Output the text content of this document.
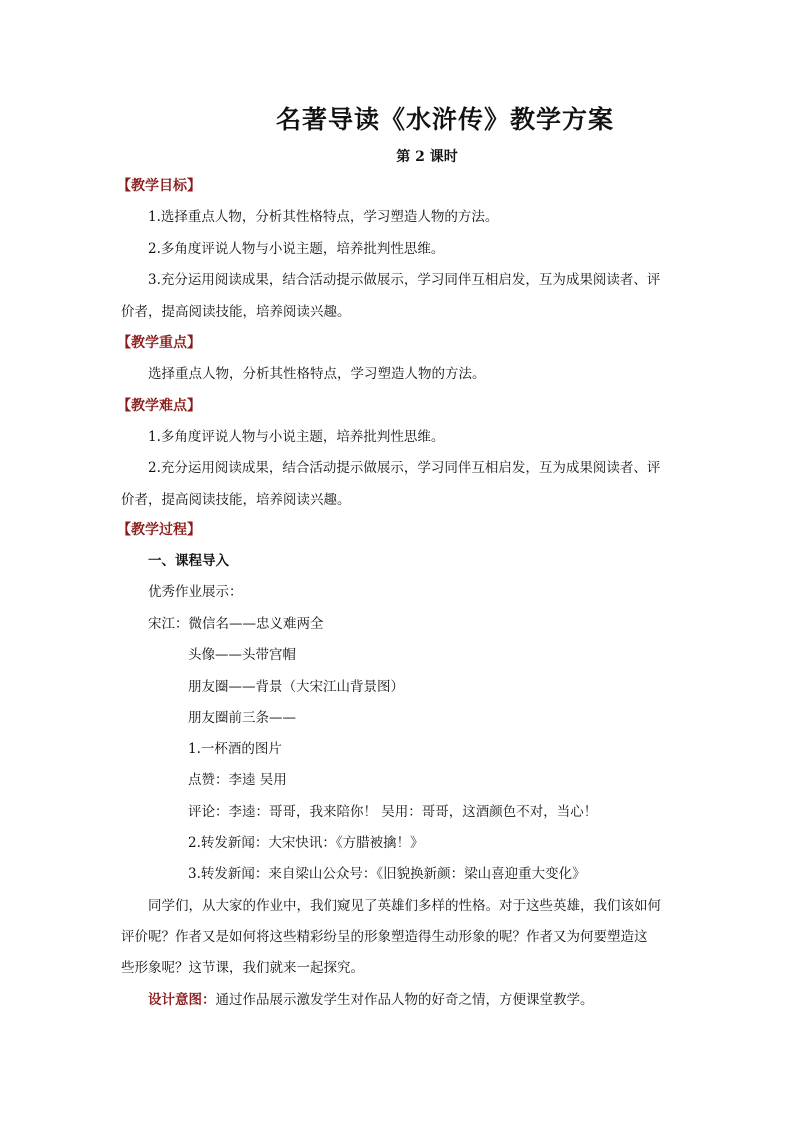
名著导读《水浒传》教学方案
第 2 课时
【教学目标】
1.选择重点人物，分析其性格特点，学习塑造人物的方法。
2.多角度评说人物与小说主题，培养批判性思维。
3.充分运用阅读成果，结合活动提示做展示，学习同伴互相启发，互为成果阅读者、评
价者，提高阅读技能，培养阅读兴趣。
【教学重点】
选择重点人物，分析其性格特点，学习塑造人物的方法。
【教学难点】
1.多角度评说人物与小说主题，培养批判性思维。
2.充分运用阅读成果，结合活动提示做展示，学习同伴互相启发，互为成果阅读者、评
价者，提高阅读技能，培养阅读兴趣。
【教学过程】
一、课程导入
优秀作业展示：
宋江：微信名——忠义难两全
头像——头带宫帽
朋友圈——背景（大宋江山背景图）
朋友圈前三条——
1.一杯酒的图片
点赞：李逵 吴用
评论：李逵：哥哥，我来陪你！ 吴用：哥哥，这酒颜色不对，当心！
2.转发新闻：大宋快讯：《方腊被擒！》
3.转发新闻：来自梁山公众号：《旧貌换新颜：梁山喜迎重大变化》
同学们，从大家的作业中，我们窥见了英雄们多样的性格。对于这些英雄，我们该如何
评价呢？作者又是如何将这些精彩纷呈的形象塑造得生动形象的呢？作者又为何要塑造这
些形象呢？这节课，我们就来一起探究。
设计意图：通过作品展示激发学生对作品人物的好奇之情，方便课堂教学。
